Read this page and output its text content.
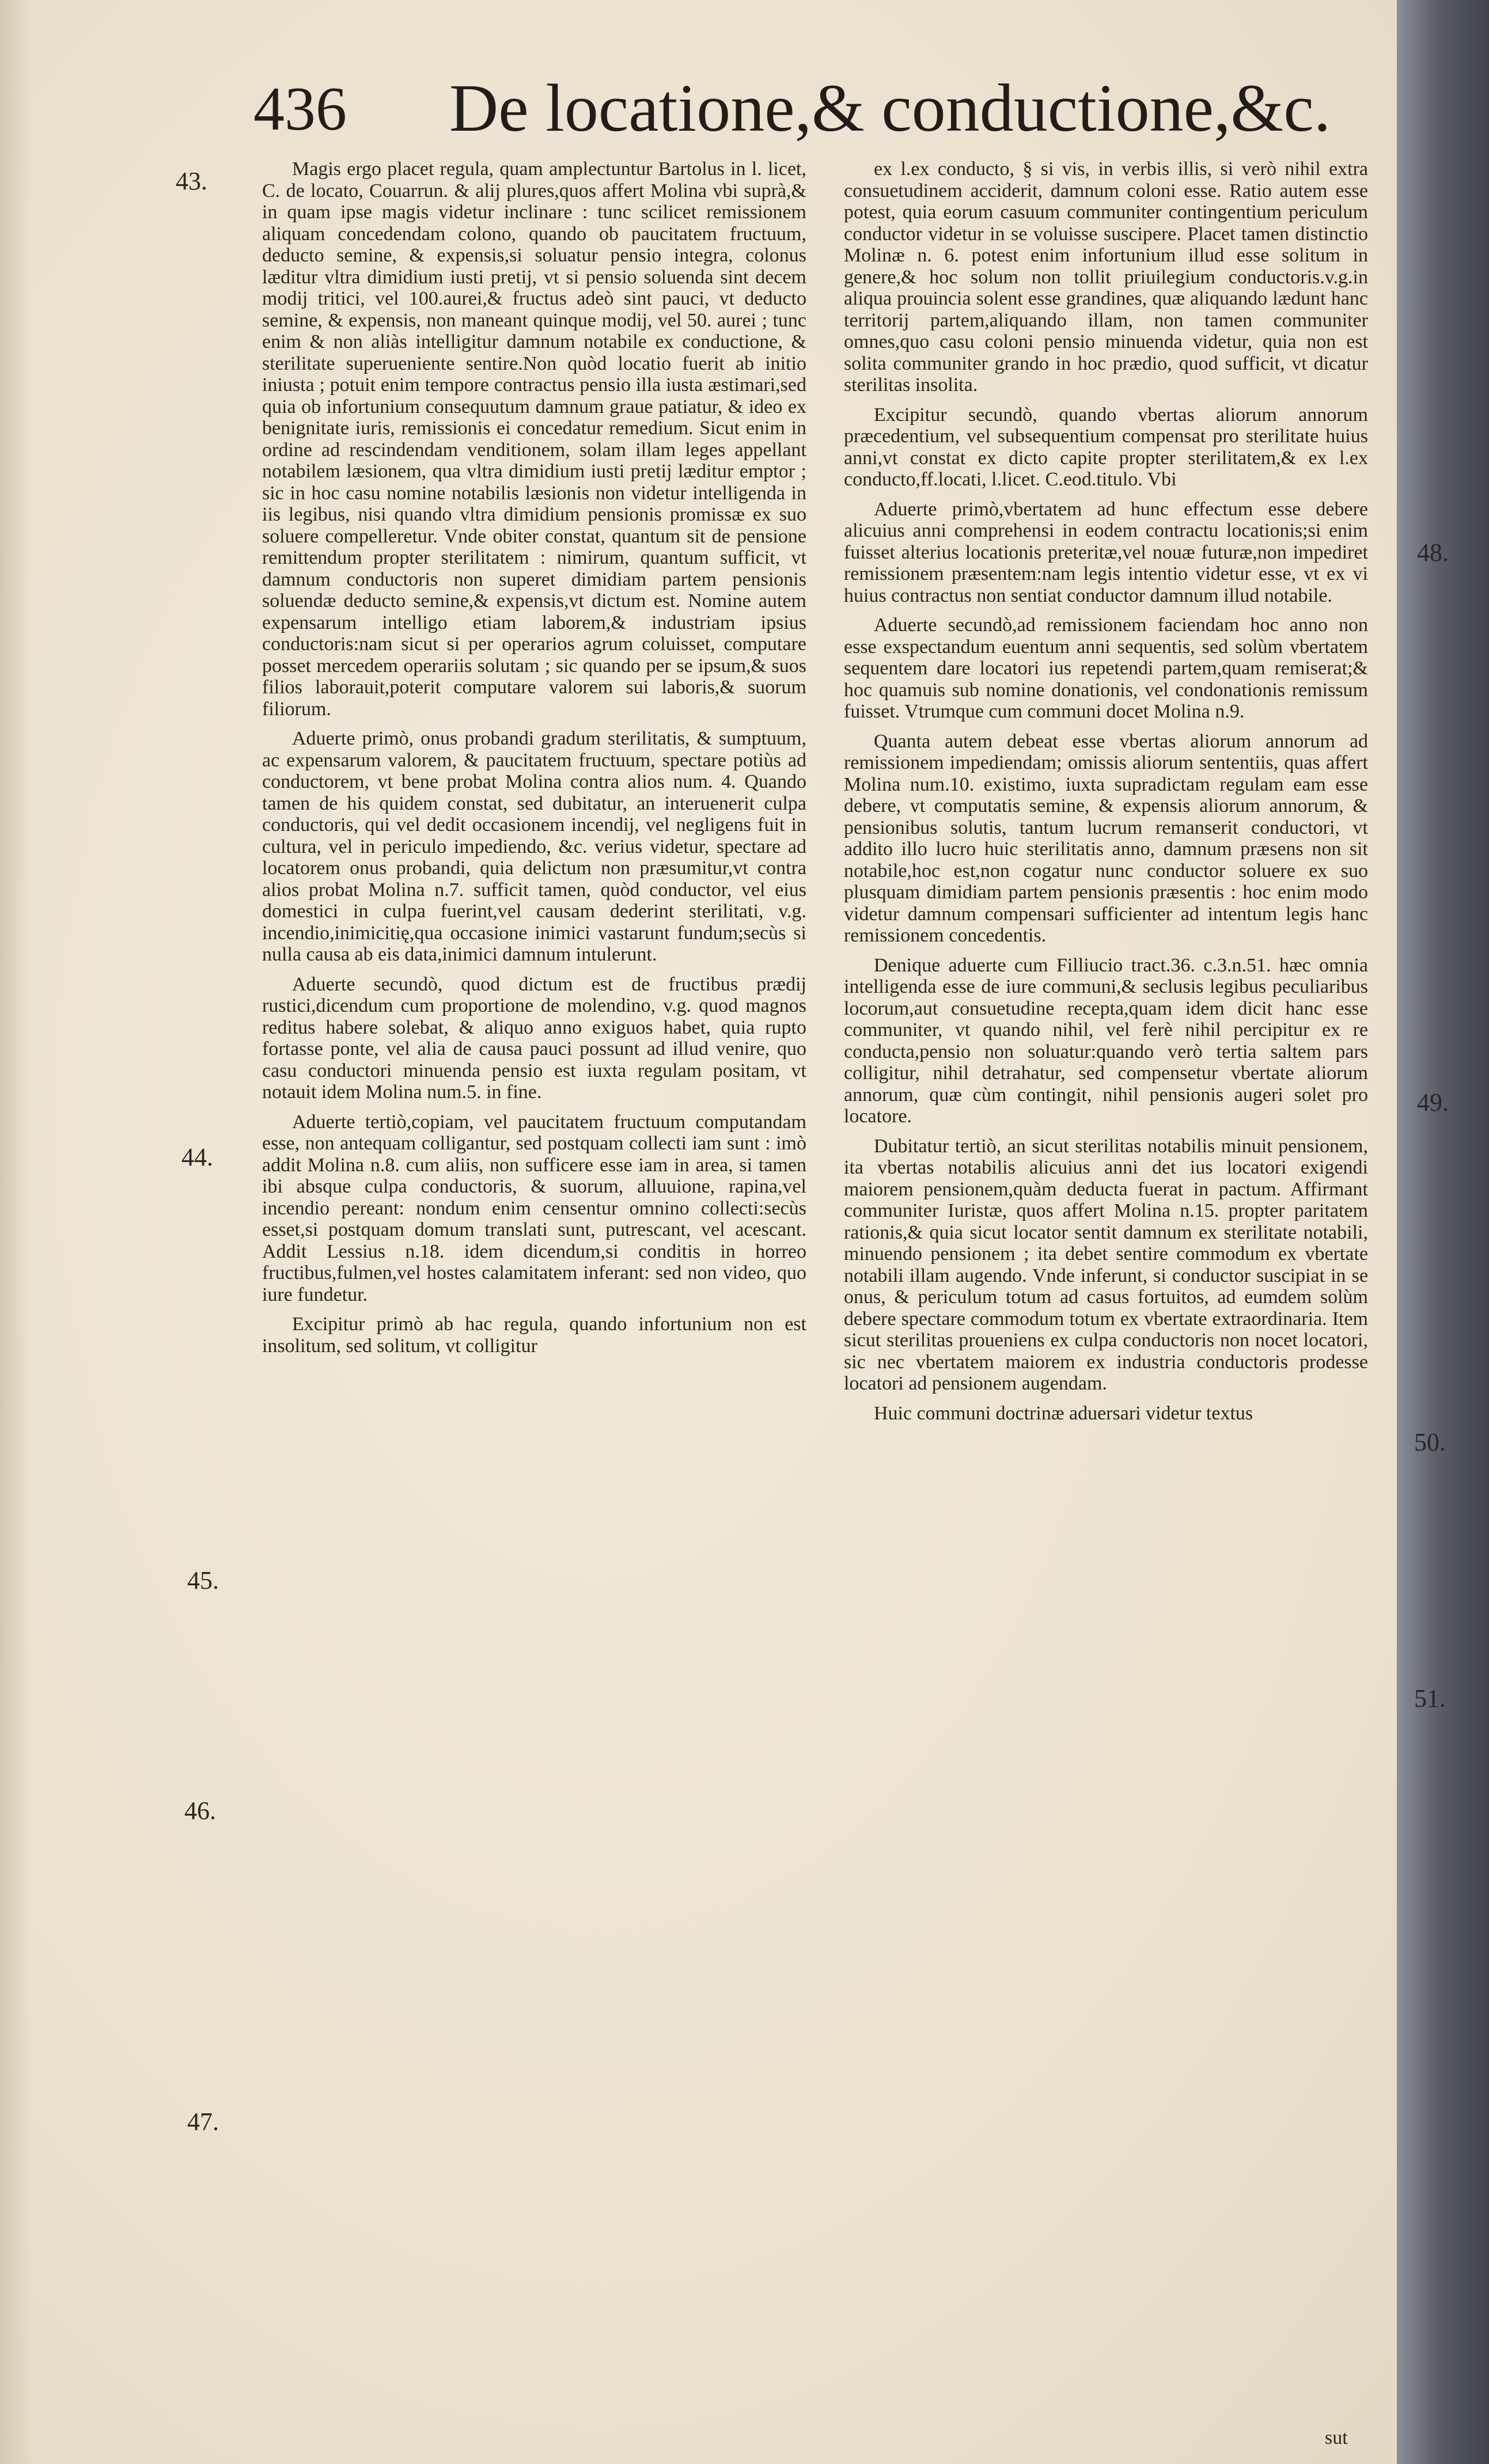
436 De locatione,& conductione,&c.

Magis ergo placet regula, quam amplectuntur Bartolus in l. licet, C. de locato, Couarrun. & alij plures,quos affert Molina vbi suprà,& in quam ipse magis videtur inclinare : tunc scilicet remissionem aliquam concedendam colono, quando ob paucitatem fructuum, deducto semine, & expensis,si soluatur pensio integra, colonus læditur vltra dimidium iusti pretij, vt si pensio soluenda sint decem modij tritici, vel 100.aurei,& fructus adeò sint pauci, vt deducto semine, & expensis, non maneant quinque modij, vel 50. aurei ; tunc enim & non aliàs intelligitur damnum notabile ex conductione, & sterilitate superueniente sentire.Non quòd locatio fuerit ab initio iniusta ; potuit enim tempore contractus pensio illa iusta æstimari,sed quia ob infortunium consequutum damnum graue patiatur, & ideo ex benignitate iuris, remissionis ei concedatur remedium. Sicut enim in ordine ad rescindendam venditionem, solam illam leges appellant notabilem læsionem, qua vltra dimidium iusti pretij læditur emptor ; sic in hoc casu nomine notabilis læsionis non videtur intelligenda in iis legibus, nisi quando vltra dimidium pensionis promissæ ex suo soluere compelleretur. Vnde obiter constat, quantum sit de pensione remittendum propter sterilitatem : nimirum, quantum sufficit, vt damnum conductoris non superet dimidiam partem pensionis soluendæ deducto semine,& expensis,vt dictum est. Nomine autem expensarum intelligo etiam laborem,& industriam ipsius conductoris:nam sicut si per operarios agrum coluisset, computare posset mercedem operariis solutam ; sic quando per se ipsum,& suos filios laborauit,poterit computare valorem sui laboris,& suorum filiorum.

Aduerte primò, onus probandi gradum sterilitatis, & sumptuum, ac expensarum valorem, & paucitatem fructuum, spectare potiùs ad conductorem, vt bene probat Molina contra alios num. 4. Quando tamen de his quidem constat, sed dubitatur, an interuenerit culpa conductoris, qui vel dedit occasionem incendij, vel negligens fuit in cultura, vel in periculo impediendo, &c. verius videtur, spectare ad locatorem onus probandi, quia delictum non præsumitur,vt contra alios probat Molina n.7. sufficit tamen, quòd conductor, vel eius domestici in culpa fuerint,vel causam dederint sterilitati, v.g. incendio,inimicitię,qua occasione inimici vastarunt fundum;secùs si nulla causa ab eis data,inimici damnum intulerunt.

Aduerte secundò, quod dictum est de fructibus prædij rustici,dicendum cum proportione de molendino, v.g. quod magnos reditus habere solebat, & aliquo anno exiguos habet, quia rupto fortasse ponte, vel alia de causa pauci possunt ad illud venire, quo casu conductori minuenda pensio est iuxta regulam positam, vt notauit idem Molina num.5. in fine.

Aduerte tertiò,copiam, vel paucitatem fructuum computandam esse, non antequam colligantur, sed postquam collecti iam sunt : imò addit Molina n.8. cum aliis, non sufficere esse iam in area, si tamen ibi absque culpa conductoris, & suorum, alluuione, rapina,vel incendio pereant: nondum enim censentur omnino collecti:secùs esset,si postquam domum translati sunt, putrescant, vel acescant. Addit Lessius n.18. idem dicendum,si conditis in horreo fructibus,fulmen,vel hostes calamitatem inferant: sed non video, quo iure fundetur.

Excipitur primò ab hac regula, quando infortunium non est insolitum, sed solitum, vt colligitur

ex l.ex conducto, § si vis, in verbis illis, si verò nihil extra consuetudinem acciderit, damnum coloni esse. Ratio autem esse potest, quia eorum casuum communiter contingentium periculum conductor videtur in se voluisse suscipere. Placet tamen distinctio Molinæ n. 6. potest enim infortunium illud esse solitum in genere,& hoc solum non tollit priuilegium conductoris.v.g.in aliqua prouincia solent esse grandines, quæ aliquando lædunt hanc territorij partem,aliquando illam, non tamen communiter omnes,quo casu coloni pensio minuenda videtur, quia non est solita communiter grando in hoc prædio, quod sufficit, vt dicatur sterilitas insolita.

Excipitur secundò, quando vbertas aliorum annorum præcedentium, vel subsequentium compensat pro sterilitate huius anni,vt constat ex dicto capite propter sterilitatem,& ex l.ex conducto,ff.locati, l.licet. C.eod.titulo. Vbi

Aduerte primò,vbertatem ad hunc effectum esse debere alicuius anni comprehensi in eodem contractu locationis;si enim fuisset alterius locationis preteritæ,vel nouæ futuræ,non impediret remissionem præsentem:nam legis intentio videtur esse, vt ex vi huius contractus non sentiat conductor damnum illud notabile.

Aduerte secundò,ad remissionem faciendam hoc anno non esse exspectandum euentum anni sequentis, sed solùm vbertatem sequentem dare locatori ius repetendi partem,quam remiserat;& hoc quamuis sub nomine donationis, vel condonationis remissum fuisset. Vtrumque cum communi docet Molina n.9.

Quanta autem debeat esse vbertas aliorum annorum ad remissionem impediendam; omissis aliorum sententiis, quas affert Molina num.10. existimo, iuxta supradictam regulam eam esse debere, vt computatis semine, & expensis aliorum annorum, & pensionibus solutis, tantum lucrum remanserit conductori, vt addito illo lucro huic sterilitatis anno, damnum præsens non sit notabile,hoc est,non cogatur nunc conductor soluere ex suo plusquam dimidiam partem pensionis præsentis : hoc enim modo videtur damnum compensari sufficienter ad intentum legis hanc remissionem concedentis.

Denique aduerte cum Filliucio tract.36. c.3.n.51. hæc omnia intelligenda esse de iure communi,& seclusis legibus peculiaribus locorum,aut consuetudine recepta,quam idem dicit hanc esse communiter, vt quando nihil, vel ferè nihil percipitur ex re conducta,pensio non soluatur:quando verò tertia saltem pars colligitur, nihil detrahatur, sed compensetur vbertate aliorum annorum, quæ cùm contingit, nihil pensionis augeri solet pro locatore.

Dubitatur tertiò, an sicut sterilitas notabilis minuit pensionem, ita vbertas notabilis alicuius anni det ius locatori exigendi maiorem pensionem,quàm deducta fuerat in pactum. Affirmant communiter Iuristæ, quos affert Molina n.15. propter paritatem rationis,& quia sicut locator sentit damnum ex sterilitate notabili, minuendo pensionem ; ita debet sentire commodum ex vbertate notabili illam augendo. Vnde inferunt, si conductor suscipiat in se onus, & periculum totum ad casus fortuitos, ad eumdem solùm debere spectare commodum totum ex vbertate extraordinaria. Item sicut sterilitas proueniens ex culpa conductoris non nocet locatori, sic nec vbertatem maiorem ex industria conductoris prodesse locatori ad pensionem augendam.

Huic communi doctrinæ aduersari videtur textus

43.
44.
45.
46.
47.
48.
49.
50.
51.
sut
